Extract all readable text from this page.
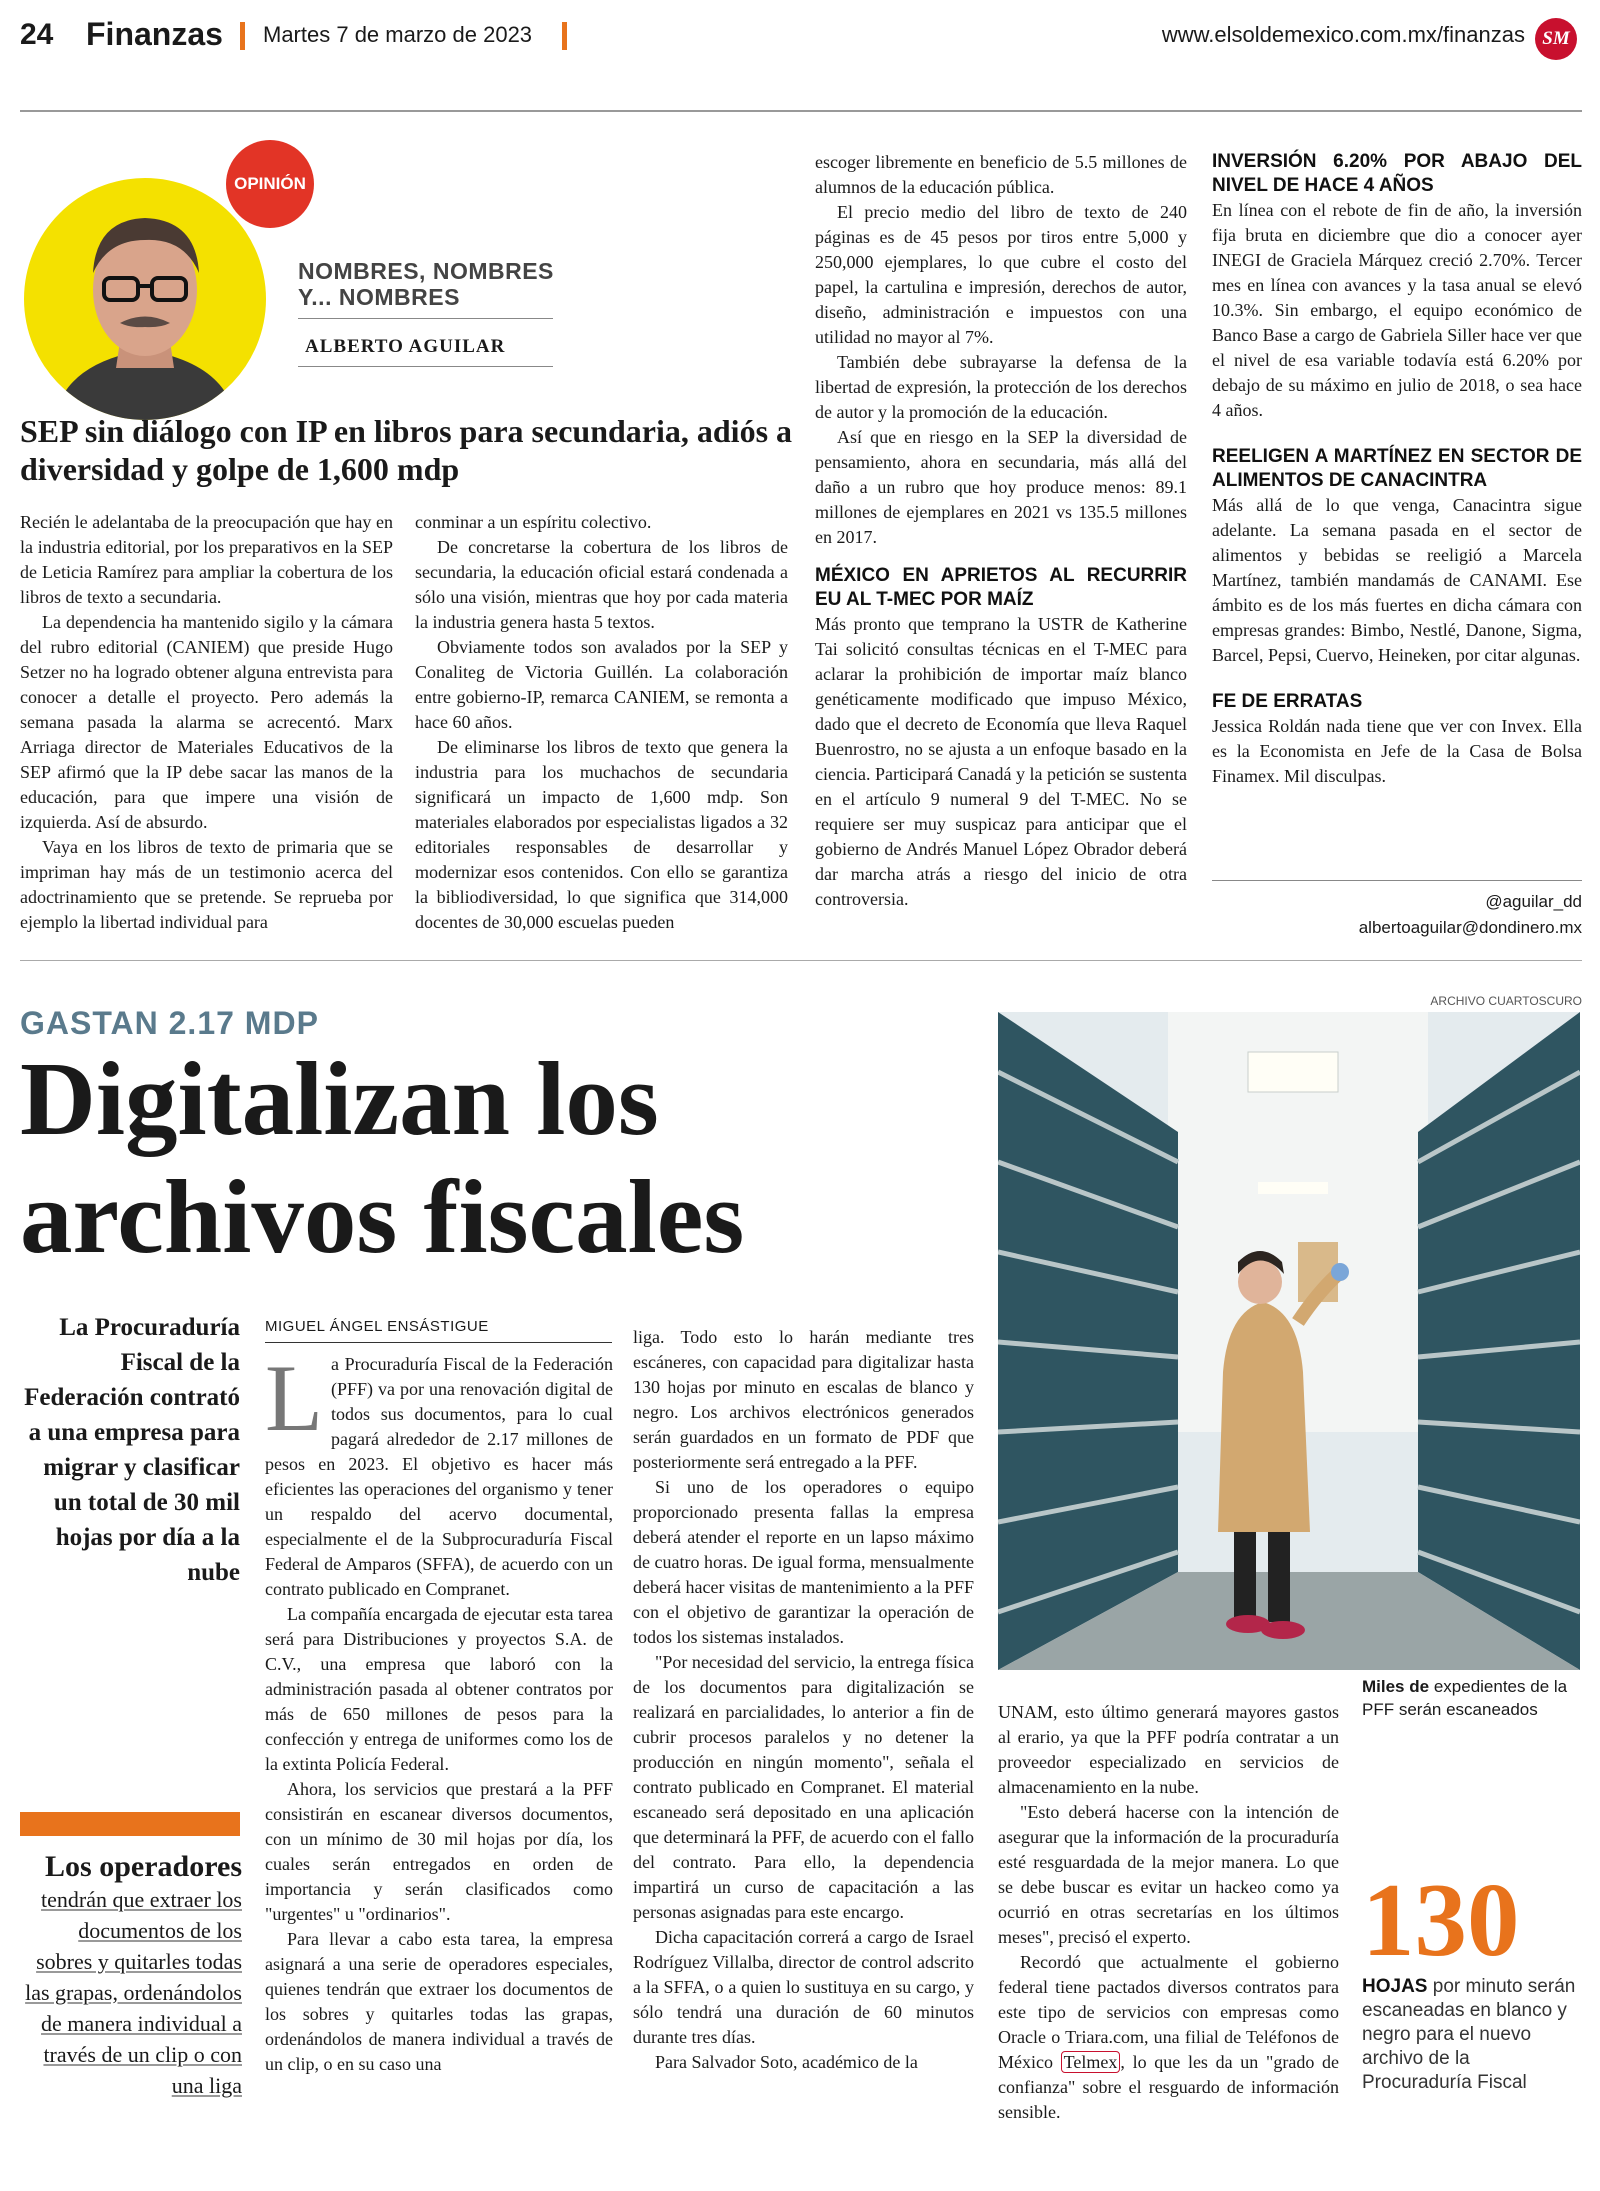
24 Finanzas Martes 7 de marzo de 2023	www.elsoldemexico.com.mx/finanzas SM
OPINIÓN
NOMBRES, NOMBRES Y... NOMBRES
ALBERTO AGUILAR
SEP sin diálogo con IP en libros para secundaria, adiós a diversidad y golpe de 1,600 mdp

Recién le adelantaba de la preocupación que hay en la industria editorial, por los preparativos en la SEP de Leticia Ramírez para ampliar la cobertura de los libros de texto a secundaria.

La dependencia ha mantenido sigilo y la cámara del rubro editorial (CANIEM) que preside Hugo Setzer no ha logrado obtener alguna entrevista para conocer a detalle el proyecto. Pero además la semana pasada la alarma se acrecentó. Marx Arriaga director de Materiales Educativos de la SEP afirmó que la IP debe sacar las manos de la educación, para que impere una visión de izquierda. Así de absurdo.

Vaya en los libros de texto de primaria que se impriman hay más de un testimonio acerca del adoctrinamiento que se pretende. Se reprueba por ejemplo la libertad individual para

conminar a un espíritu colectivo.

De concretarse la cobertura de los libros de secundaria, la educación oficial estará condenada a sólo una visión, mientras que hoy por cada materia la industria genera hasta 5 textos.

Obviamente todos son avalados por la SEP y Conaliteg de Victoria Guillén. La colaboración entre gobierno-IP, remarca CANIEM, se remonta a hace 60 años.

De eliminarse los libros de texto que genera la industria para los muchachos de secundaria significará un impacto de 1,600 mdp. Son materiales elaborados por especialistas ligados a 32 editoriales responsables de desarrollar y modernizar esos contenidos. Con ello se garantiza la bibliodiversidad, lo que significa que 314,000 docentes de 30,000 escuelas pueden

escoger libremente en beneficio de 5.5 millones de alumnos de la educación pública.

El precio medio del libro de texto de 240 páginas es de 45 pesos por tiros entre 5,000 y 250,000 ejemplares, lo que cubre el costo del papel, la cartulina e impresión, derechos de autor, diseño, administración e impuestos con una utilidad no mayor al 7%.

También debe subrayarse la defensa de la libertad de expresión, la protección de los derechos de autor y la promoción de la educación.

Así que en riesgo en la SEP la diversidad de pensamiento, ahora en secundaria, más allá del daño a un rubro que hoy produce menos: 89.1 millones de ejemplares en 2021 vs 135.5 millones en 2017.

MÉXICO EN APRIETOS AL RECURRIR EU AL T-MEC POR MAÍZ

Más pronto que temprano la USTR de Katherine Tai solicitó consultas técnicas en el T-MEC para aclarar la prohibición de importar maíz blanco genéticamente modificado que impuso México, dado que el decreto de Economía que lleva Raquel Buenrostro, no se ajusta a un enfoque basado en la ciencia. Participará Canadá y la petición se sustenta en el artículo 9 numeral 9 del T-MEC. No se requiere ser muy suspicaz para anticipar que el gobierno de Andrés Manuel López Obrador deberá dar marcha atrás a riesgo del inicio de otra controversia.

INVERSIÓN 6.20% POR ABAJO DEL NIVEL DE HACE 4 AÑOS

En línea con el rebote de fin de año, la inversión fija bruta en diciembre que dio a conocer ayer INEGI de Graciela Márquez creció 2.70%. Tercer mes en línea con avances y la tasa anual se elevó 10.3%. Sin embargo, el equipo económico de Banco Base a cargo de Gabriela Siller hace ver que el nivel de esa variable todavía está 6.20% por debajo de su máximo en julio de 2018, o sea hace 4 años.

REELIGEN A MARTÍNEZ EN SECTOR DE ALIMENTOS DE CANACINTRA

Más allá de lo que venga, Canacintra sigue adelante. La semana pasada en el sector de alimentos y bebidas se reeligió a Marcela Martínez, también mandamás de CANAMI. Ese ámbito es de los más fuertes en dicha cámara con empresas grandes: Bimbo, Nestlé, Danone, Sigma, Barcel, Pepsi, Cuervo, Heineken, por citar algunas.

FE DE ERRATAS

Jessica Roldán nada tiene que ver con Invex. Ella es la Economista en Jefe de la Casa de Bolsa Finamex. Mil disculpas.

@aguilar_dd
albertoaguilar@dondinero.mx
GASTAN 2.17 MDP
Digitalizan los archivos fiscales
ARCHIVO CUARTOSCURO
Miles de expedientes de la PFF serán escaneados
La Procuraduría Fiscal de la Federación contrató a una empresa para migrar y clasificar un total de 30 mil hojas por día a la nube
MIGUEL ÁNGEL ENSÁSTIGUE

La Procuraduría Fiscal de la Federación (PFF) va por una renovación digital de todos sus documentos, para lo cual pagará alrededor de 2.17 millones de pesos en 2023. El objetivo es hacer más eficientes las operaciones del organismo y tener un respaldo del acervo documental, especialmente el de la Subprocuraduría Fiscal Federal de Amparos (SFFA), de acuerdo con un contrato publicado en Compranet.

La compañía encargada de ejecutar esta tarea será para Distribuciones y proyectos S.A. de C.V., una empresa que laboró con la administración pasada al obtener contratos por más de 650 millones de pesos para la confección y entrega de uniformes como los de la extinta Policía Federal.

Ahora, los servicios que prestará a la PFF consistirán en escanear diversos documentos, con un mínimo de 30 mil hojas por día, los cuales serán entregados en orden de importancia y serán clasificados como "urgentes" u "ordinarios".

Para llevar a cabo esta tarea, la empresa asignará a una serie de operadores especiales, quienes tendrán que extraer los documentos de los sobres y quitarles todas las grapas, ordenándolos de manera individual a través de un clip, o en su caso una

liga. Todo esto lo harán mediante tres escáneres, con capacidad para digitalizar hasta 130 hojas por minuto en escalas de blanco y negro. Los archivos electrónicos generados serán guardados en un formato de PDF que posteriormente será entregado a la PFF.

Si uno de los operadores o equipo proporcionado presenta fallas la empresa deberá atender el reporte en un lapso máximo de cuatro horas. De igual forma, mensualmente deberá hacer visitas de mantenimiento a la PFF con el objetivo de garantizar la operación de todos los sistemas instalados.

"Por necesidad del servicio, la entrega física de los documentos para digitalización se realizará en parcialidades, lo anterior a fin de cubrir procesos paralelos y no detener la producción en ningún momento", señala el contrato publicado en Compranet. El material escaneado será depositado en una aplicación que determinará la PFF, de acuerdo con el fallo del contrato. Para ello, la dependencia impartirá un curso de capacitación a las personas asignadas para este encargo.

Dicha capacitación correrá a cargo de Israel Rodríguez Villalba, director de control adscrito a la SFFA, o a quien lo sustituya en su cargo, y sólo tendrá una duración de 60 minutos durante tres días.

Para Salvador Soto, académico de la

UNAM, esto último generará mayores gastos al erario, ya que la PFF podría contratar a un proveedor especializado en servicios de almacenamiento en la nube.

"Esto deberá hacerse con la intención de asegurar que la información de la procuraduría esté resguardada de la mejor manera. Lo que se debe buscar es evitar un hackeo como ya ocurrió en otras secretarías en los últimos meses", precisó el experto.

Recordó que actualmente el gobierno federal tiene pactados diversos contratos para este tipo de servicios con empresas como Oracle o Triara.com, una filial de Teléfonos de México Telmex , lo que les da un "grado de confianza" sobre el resguardo de información sensible.

Los operadores
tendrán que extraer los documentos de los sobres y quitarles todas las grapas, ordenándolos de manera individual a través de un clip o con una liga
130
HOJAS por minuto serán escaneadas en blanco y negro para el nuevo archivo de la Procuraduría Fiscal
